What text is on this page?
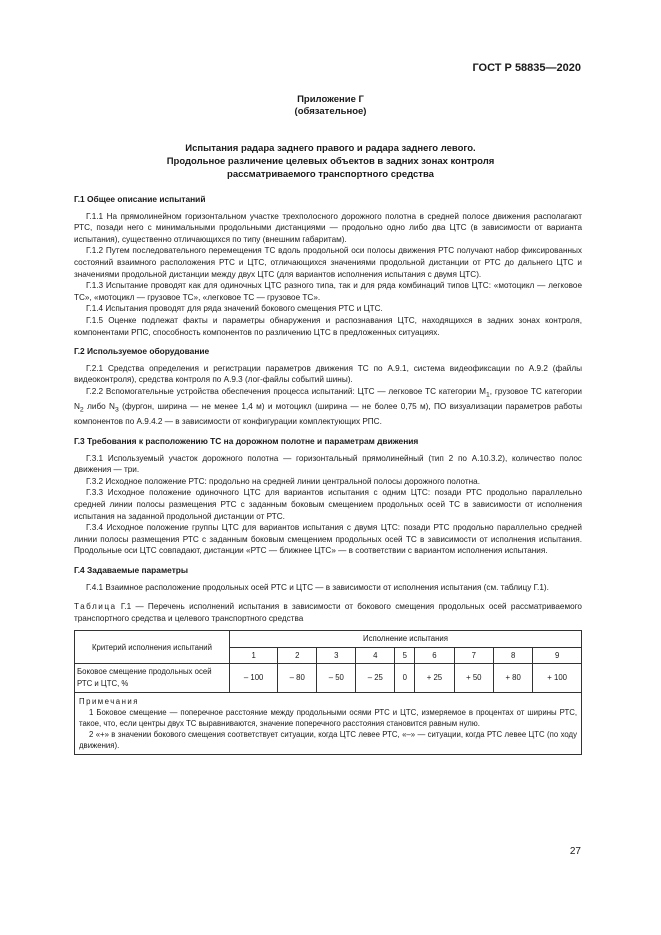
ГОСТ Р 58835—2020
Приложение Г
(обязательное)
Испытания радара заднего правого и радара заднего левого.
Продольное различение целевых объектов в задних зонах контроля
рассматриваемого транспортного средства

Г.1 Общее описание испытаний

Г.1.1 На прямолинейном горизонтальном участке трехполосного дорожного полотна в средней полосе движения располагают РТС, позади него с минимальными продольными дистанциями — продольно одно либо два ЦТС (в зависимости от варианта испытания), существенно отличающихся по типу (внешним габаритам).

Г.1.2 Путем последовательного перемещения ТС вдоль продольной оси полосы движения РТС получают набор фиксированных состояний взаимного расположения РТС и ЦТС, отличающихся значениями продольной дистанции от РТС до дальнего ЦТС и значениями продольной дистанции между двух ЦТС (для вариантов исполнения испытания с двумя ЦТС).

Г.1.3 Испытание проводят как для одиночных ЦТС разного типа, так и для ряда комбинаций типов ЦТС: «мотоцикл — легковое ТС», «мотоцикл — грузовое ТС», «легковое ТС — грузовое ТС».

Г.1.4 Испытания проводят для ряда значений бокового смещения РТС и ЦТС.

Г.1.5 Оценке подлежат факты и параметры обнаружения и распознавания ЦТС, находящихся в задних зонах контроля, компонентами РПС, способность компонентов по различению ЦТС в предложенных ситуациях.

Г.2 Используемое оборудование

Г.2.1 Средства определения и регистрации параметров движения ТС по А.9.1, система видеофиксации по А.9.2 (файлы видеоконтроля), средства контроля по А.9.3 (лог-файлы событий шины).

Г.2.2 Вспомогательные устройства обеспечения процесса испытаний: ЦТС — легковое ТС категории $М_1$, грузовое ТС категории $N_2$ либо $N_3$ (фургон, ширина — не менее 1,4 м) и мотоцикл (ширина — не более 0,75 м), ПО визуализации параметров работы компонентов по А.9.4.2 — в зависимости от конфигурации комплектующих РПС.

Г.3 Требования к расположению ТС на дорожном полотне и параметрам движения

Г.3.1 Используемый участок дорожного полотна — горизонтальный прямолинейный (тип 2 по А.10.3.2), количество полос движения — три.

Г.3.2 Исходное положение РТС: продольно на средней линии центральной полосы дорожного полотна.

Г.3.3 Исходное положение одиночного ЦТС для вариантов испытания с одним ЦТС: позади РТС продольно параллельно средней линии полосы размещения РТС с заданным боковым смещением продольных осей ТС в зависимости от исполнения испытания на заданной продольной дистанции от РТС.

Г.3.4 Исходное положение группы ЦТС для вариантов испытания с двумя ЦТС: позади РТС продольно параллельно средней линии полосы размещения РТС с заданным боковым смещением продольных осей ТС в зависимости от исполнения испытания. Продольные оси ЦТС совпадают, дистанции «РТС — ближнее ЦТС» — в соответствии с вариантом исполнения испытания.

Г.4 Задаваемые параметры

Г.4.1 Взаимное расположение продольных осей РТС и ЦТС — в зависимости от исполнения испытания (см. таблицу Г.1).

Таблица Г.1 — Перечень исполнений испытания в зависимости от бокового смещения продольных осей рассматриваемого транспортного средства и целевого транспортного средства

Критерий исполнения испытаний	Исполнение испытания								
	1	2	3	4	5	6	7	8	9
Боковое смещение продольных осей РТС и ЦТС, %	– 100	– 80	– 50	– 25	0	+ 25	+ 50	+ 80	+ 100

Примечания
1 Боковое смещение — поперечное расстояние между продольными осями РТС и ЦТС, измеряемое в процентах от ширины РТС, такое, что, если центры двух ТС выравниваются, значение поперечного расстояния становится равным нулю.
2 «+» в значении бокового смещения соответствует ситуации, когда ЦТС левее РТС, «–» — ситуации, когда РТС левее ЦТС (по ходу движения).									
27
